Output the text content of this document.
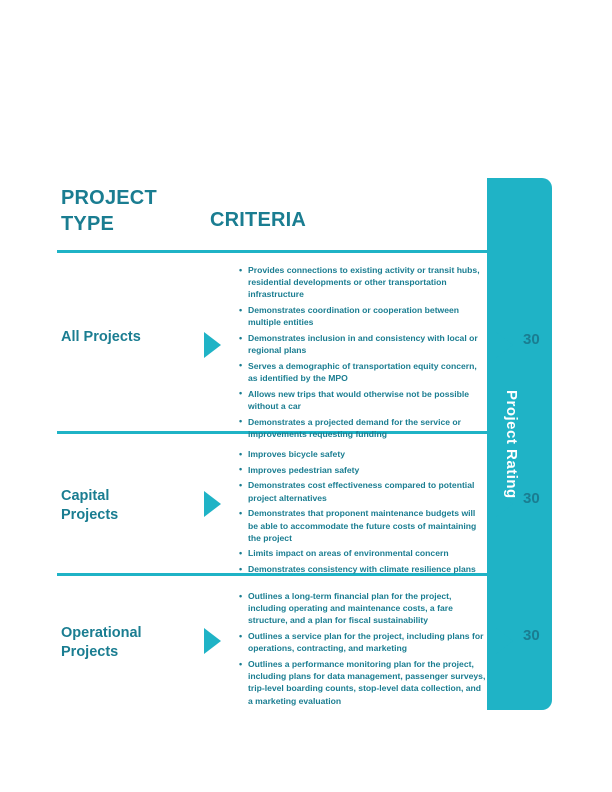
Project Rating
PROJECT
TYPE	CRITERIA
All Projects
• Provides connections to existing activity or transit hubs, residential developments or other transportation infrastructure
• Demonstrates coordination or cooperation between multiple entities
• Demonstrates inclusion in and consistency with local or regional plans
• Serves a demographic of transportation equity concern, as identified by the MPO
• Allows new trips that would otherwise not be possible without a car
• Demonstrates a projected demand for the service or improvements requesting funding
Capital
Projects
• Improves bicycle safety
• Improves pedestrian safety
• Demonstrates cost effectiveness compared to potential project alternatives
• Demonstrates that proponent maintenance budgets will be able to accommodate the future costs of maintaining the project
• Limits impact on areas of environmental concern
• Demonstrates consistency with climate resilience plans
Operational
Projects
• Outlines a long-term financial plan for the project, including operating and maintenance costs, a fare structure, and a plan for fiscal sustainability
• Outlines a service plan for the project, including plans for operations, contracting, and marketing
• Outlines a performance monitoring plan for the project, including plans for data management, passenger surveys, trip-level boarding counts, stop-level data collection, and a marketing evaluation
30
30
30
